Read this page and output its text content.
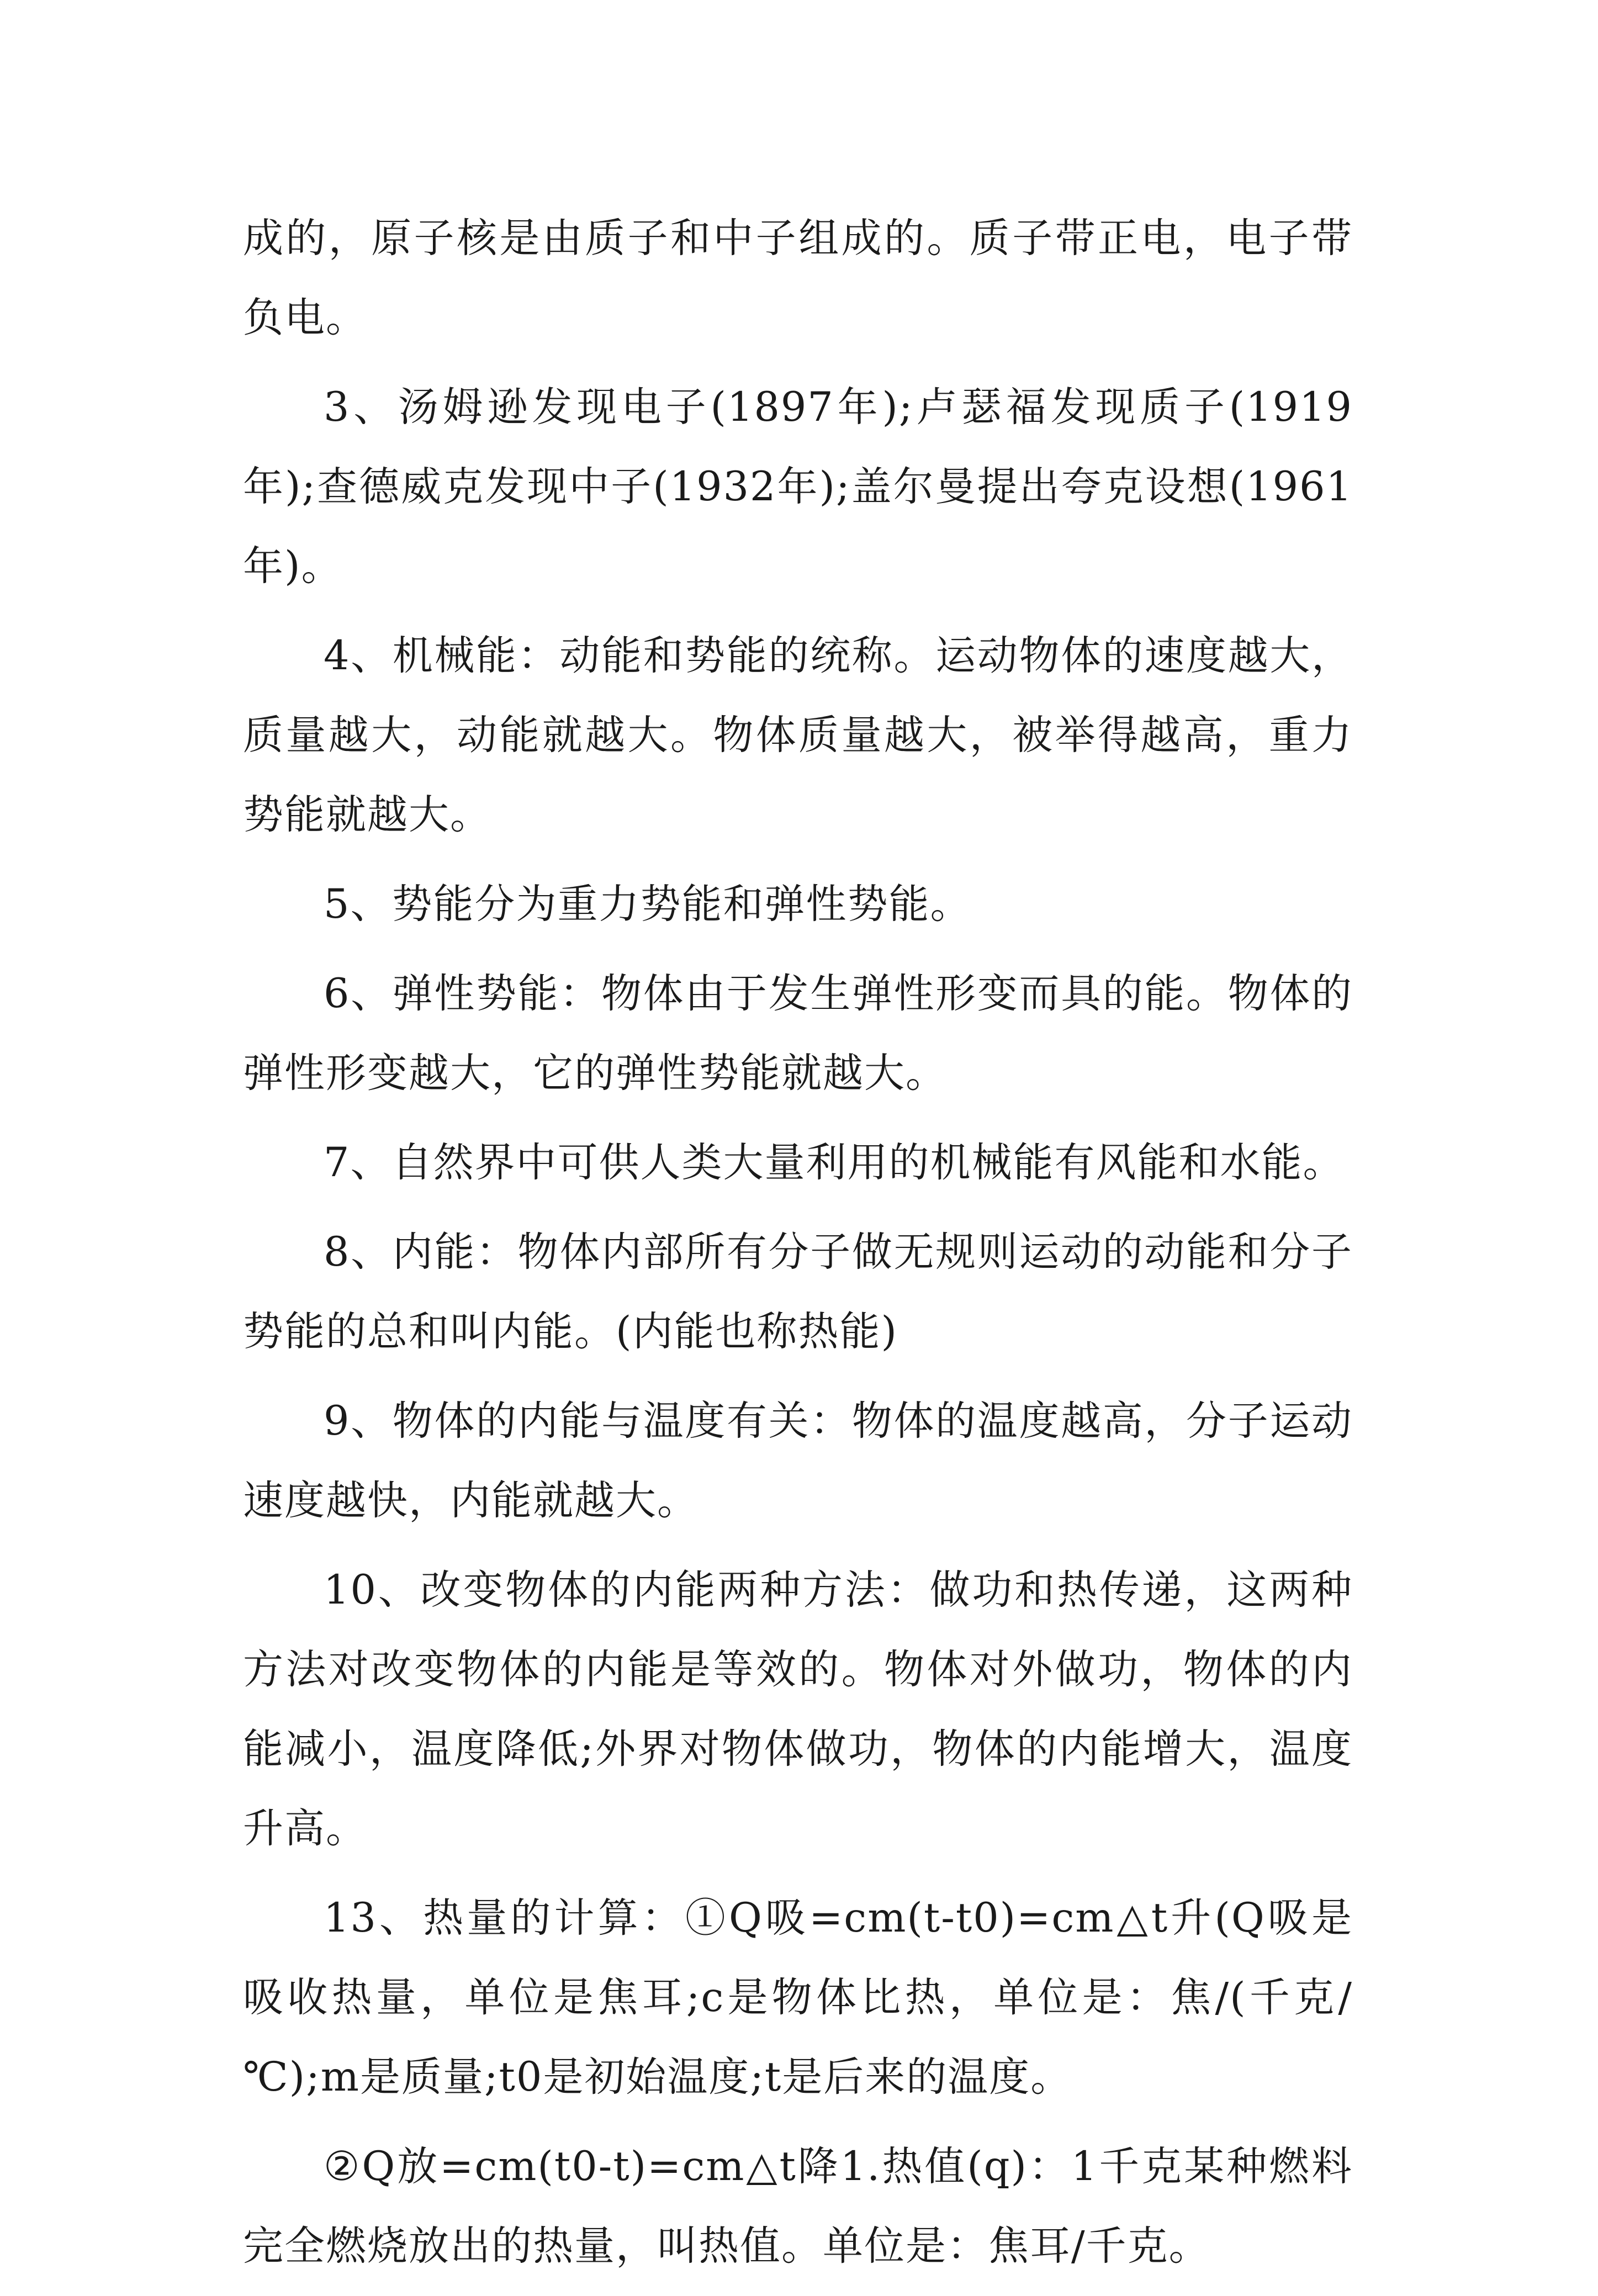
成的，原子核是由质子和中子组成的。质子带正电，电子带负电。

3、汤姆逊发现电子(1897年);卢瑟福发现质子(1919年);查德威克发现中子(1932年);盖尔曼提出夸克设想(1961年)。

4、机械能：动能和势能的统称。运动物体的速度越大，质量越大，动能就越大。物体质量越大，被举得越高，重力势能就越大。

5、势能分为重力势能和弹性势能。

6、弹性势能：物体由于发生弹性形变而具的能。物体的弹性形变越大，它的弹性势能就越大。

7、自然界中可供人类大量利用的机械能有风能和水能。

8、内能：物体内部所有分子做无规则运动的动能和分子势能的总和叫内能。(内能也称热能)

9、物体的内能与温度有关：物体的温度越高，分子运动速度越快，内能就越大。

10、改变物体的内能两种方法：做功和热传递，这两种方法对改变物体的内能是等效的。物体对外做功，物体的内能减小，温度降低;外界对物体做功，物体的内能增大，温度升高。

13、热量的计算：①Q吸=cm(t-t0)=cm△t升(Q吸是吸收热量，单位是焦耳;c是物体比热，单位是：焦/(千克/℃);m是质量;t0是初始温度;t是后来的温度。

②Q放=cm(t0-t)=cm△t降1.热值(q)：1千克某种燃料完全燃烧放出的热量，叫热值。单位是：焦耳/千克。
